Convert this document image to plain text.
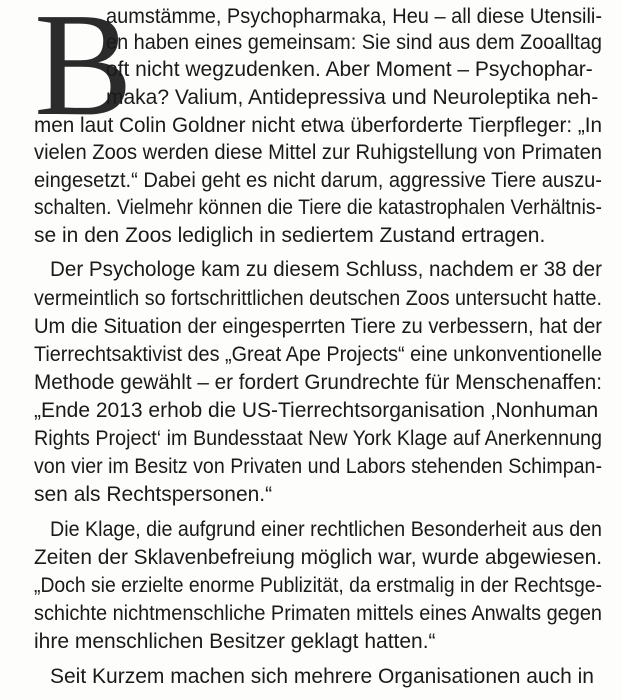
B
aumstämme, Psychopharmaka, Heu – all diese Utensili-
en haben eines gemeinsam: Sie sind aus dem Zooalltag
oft nicht wegzudenken. Aber Moment – Psychophar-
maka? Valium, Antidepressiva und Neuroleptika neh-
men laut Colin Goldner nicht etwa überforderte Tierpfleger: „In
vielen Zoos werden diese Mittel zur Ruhigstellung von Primaten
eingesetzt.“ Dabei geht es nicht darum, aggressive Tiere auszu-
schalten. Vielmehr können die Tiere die katastrophalen Verhältnis-
se in den Zoos lediglich in sediertem Zustand ertragen.
Der Psychologe kam zu diesem Schluss, nachdem er 38 der
vermeintlich so fortschrittlichen deutschen Zoos untersucht hatte.
Um die Situation der eingesperrten Tiere zu verbessern, hat der
Tierrechtsaktivist des „Great Ape Projects“ eine unkonventionelle
Methode gewählt – er fordert Grundrechte für Menschenaffen:
„Ende 2013 erhob die US-Tierrechtsorganisation ‚Nonhuman
Rights Project‘ im Bundesstaat New York Klage auf Anerkennung
von vier im Besitz von Privaten und Labors stehenden Schimpan-
sen als Rechtspersonen.“
Die Klage, die aufgrund einer rechtlichen Besonderheit aus den
Zeiten der Sklavenbefreiung möglich war, wurde abgewiesen.
„Doch sie erzielte enorme Publizität, da erstmalig in der Rechtsge-
schichte nichtmenschliche Primaten mittels eines Anwalts gegen
ihre menschlichen Besitzer geklagt hatten.“
Seit Kurzem machen sich mehrere Organisationen auch in
